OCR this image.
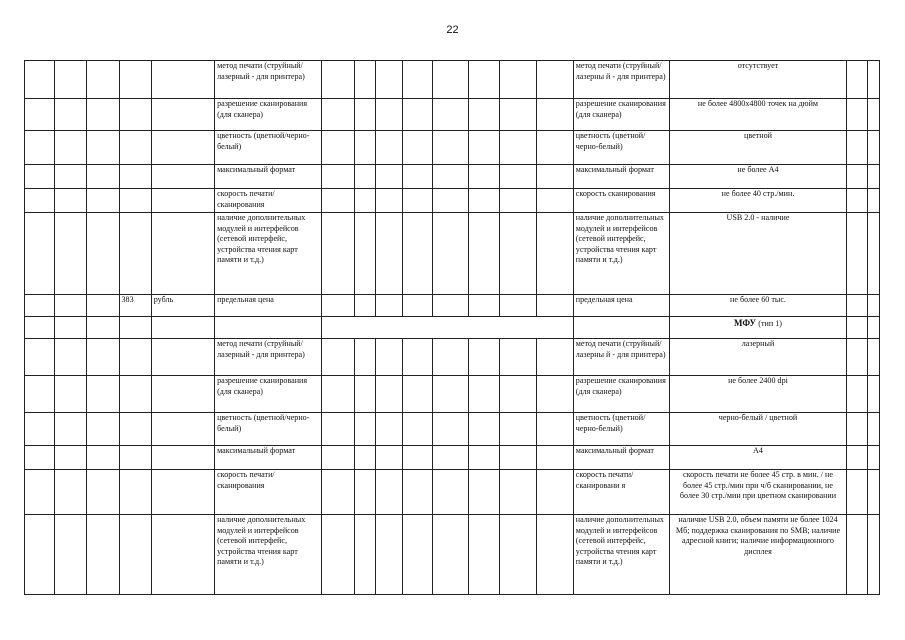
22
					метод печати (струйный/лазерный - для принтера)									метод печати (струйный/лазерны й - для принтера)	отсутствует		
					разрешение сканирования (для сканера)									разрешение сканирования (для сканера)	не более 4800x4800 точек на дюйм		
					цветность (цветной/черно-белый)									цветность (цветной/черно-белый)	цветной		
					максимальный формат									максимальный формат	не более A4		
					скорость печати/сканирования									скорость сканирования	не более 40 стр./мин.		
					наличие дополнительных модулей и интерфейсов (сетевой интерфейс, устройства чтения карт памяти и т.д.)									наличие дополнительных модулей и интерфейсов (сетевой интерфейс, устройства чтения карт памяти и т.д.)	USB 2.0 - наличие		
			383	рубль	предельная цена									предельная цена	не более 60 тыс.		
															МФУ (тип 1)		
					метод печати (струйный/лазерный - для принтера)									метод печати (струйный/лазерны й - для принтера)	лазерный		
					разрешение сканирования (для сканера)									разрешение сканирования (для сканера)	не более 2400 dpi		
					цветность (цветной/черно-белый)									цветность (цветной/черно-белый)	черно-белый / цветной		
					максимальный формат									максимальный формат	A4		
					скорость печати/сканирования									скорость печати/сканировани я	скорость печати не более 45 стр. в мин. / не более 45 стр./мин при ч/б сканировании, не более 30 стр./мин при цветном сканировании		
					наличие дополнительных модулей и интерфейсов (сетевой интерфейс, устройства чтения карт памяти и т.д.)									наличие дополнительных модулей и интерфейсов (сетевой интерфейс, устройства чтения карт памяти и т.д.)	наличие USB 2.0, объем памяти не более 1024 Мб; поддержка сканирования по SMB; наличие адресной книги; наличие информационного дисплея		
